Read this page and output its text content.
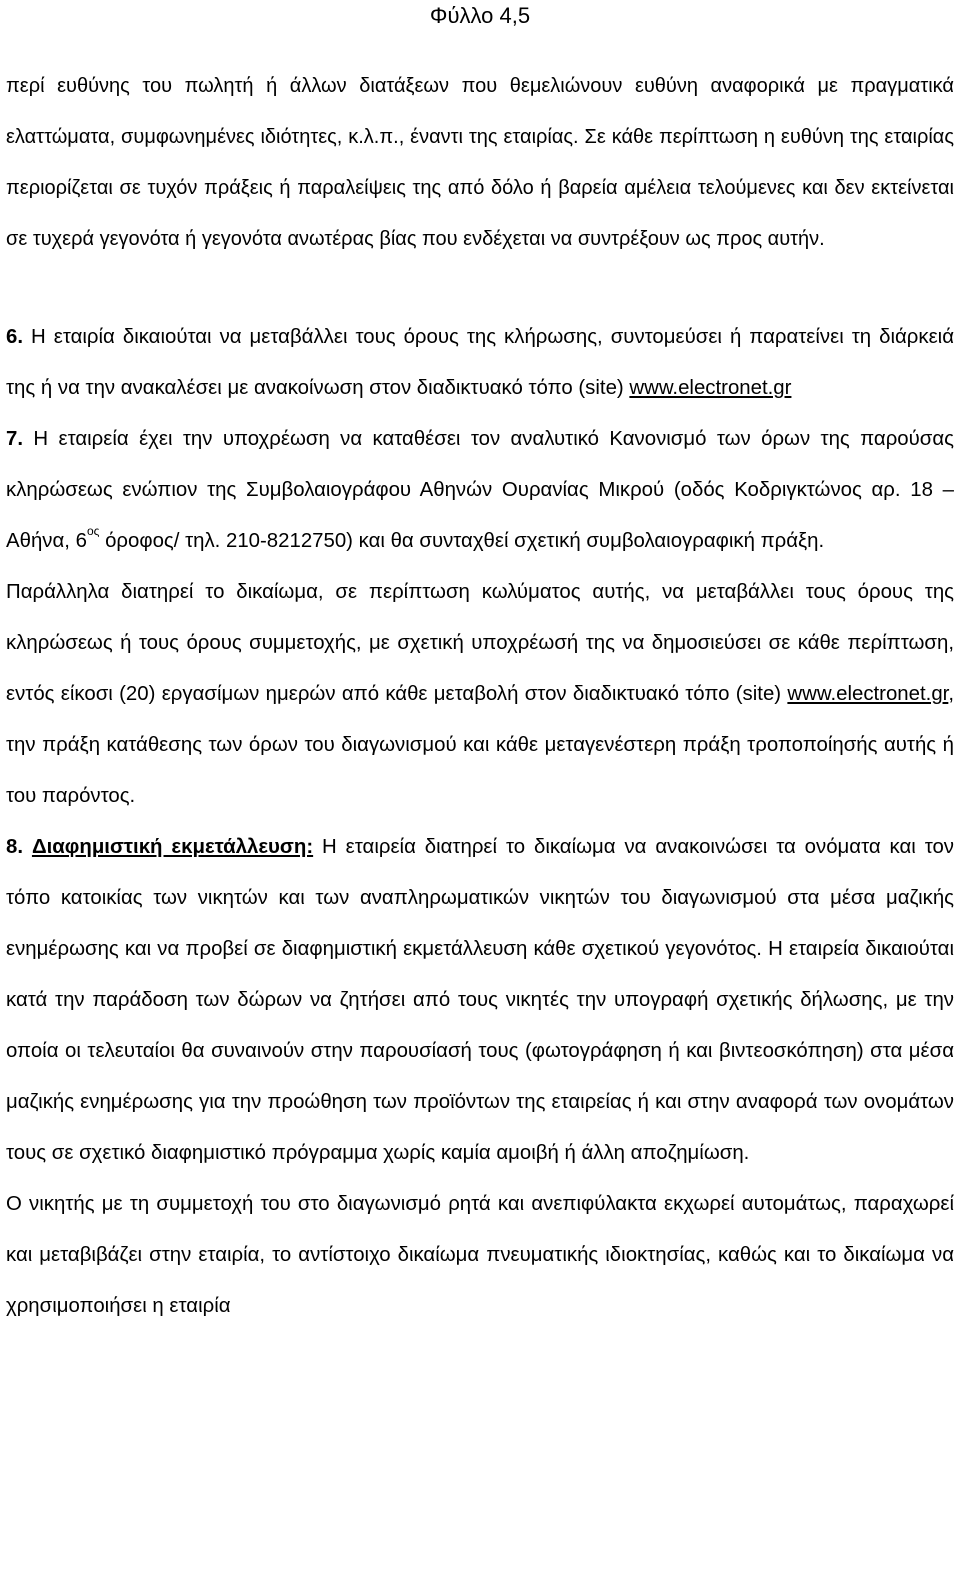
Φύλλο 4,5

περί ευθύνης του πωλητή ή άλλων διατάξεων που θεμελιώνουν ευθύνη αναφορικά με πραγματικά ελαττώματα, συμφωνημένες ιδιότητες, κ.λ.π., έναντι της εταιρίας. Σε κάθε περίπτωση η ευθύνη της εταιρίας περιορίζεται σε τυχόν πράξεις ή παραλείψεις της από δόλο ή βαρεία αμέλεια τελούμενες και δεν εκτείνεται σε τυχερά γεγονότα ή γεγονότα ανωτέρας βίας που ενδέχεται να συντρέξουν ως προς αυτήν.

6. Η εταιρία δικαιούται να μεταβάλλει τους όρους της κλήρωσης, συντομεύσει ή παρατείνει τη διάρκειά της ή να την ανακαλέσει με ανακοίνωση στον διαδικτυακό τόπο (site) www.electronet.gr

7. Η εταιρεία έχει την υποχρέωση να καταθέσει τον αναλυτικό Κανονισμό των όρων της παρούσας κληρώσεως ενώπιον της Συμβολαιογράφου Αθηνών Ουρανίας Μικρού (οδός Κοδριγκτώνος αρ. 18 – Αθήνα, $6^{o\varsigma}$ όροφος/ τηλ. 210-8212750) και θα συνταχθεί σχετική συμβολαιογραφική πράξη.

Παράλληλα διατηρεί το δικαίωμα, σε περίπτωση κωλύματος αυτής, να μεταβάλλει τους όρους της κληρώσεως ή τους όρους συμμετοχής, με σχετική υποχρέωσή της να δημοσιεύσει σε κάθε περίπτωση, εντός είκοσι (20) εργασίμων ημερών από κάθε μεταβολή στον διαδικτυακό τόπο (site) www.electronet.gr, την πράξη κατάθεσης των όρων του διαγωνισμού και κάθε μεταγενέστερη πράξη τροποποίησής αυτής ή του παρόντος.

8. Διαφημιστική εκμετάλλευση: Η εταιρεία διατηρεί το δικαίωμα να ανακοινώσει τα ονόματα και τον τόπο κατοικίας των νικητών και των αναπληρωματικών νικητών του διαγωνισμού στα μέσα μαζικής ενημέρωσης και να προβεί σε διαφημιστική εκμετάλλευση κάθε σχετικού γεγονότος. Η εταιρεία δικαιούται κατά την παράδοση των δώρων να ζητήσει από τους νικητές την υπογραφή σχετικής δήλωσης, με την οποία οι τελευταίοι θα συναινούν στην παρουσίασή τους (φωτογράφηση ή και βιντεοσκόπηση) στα μέσα μαζικής ενημέρωσης για την προώθηση των προϊόντων της εταιρείας ή και στην αναφορά των ονομάτων τους σε σχετικό διαφημιστικό πρόγραμμα χωρίς καμία αμοιβή ή άλλη αποζημίωση.

Ο νικητής με τη συμμετοχή του στο διαγωνισμό ρητά και ανεπιφύλακτα εκχωρεί αυτομάτως, παραχωρεί και μεταβιβάζει στην εταιρία, το αντίστοιχο δικαίωμα πνευματικής ιδιοκτησίας, καθώς και το δικαίωμα να χρησιμοποιήσει η εταιρία
